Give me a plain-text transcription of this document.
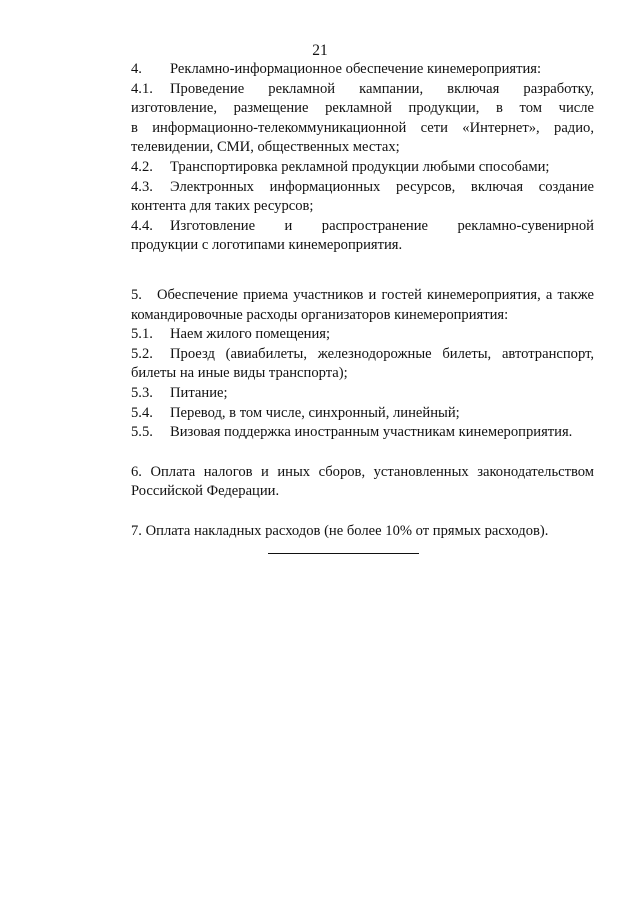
21
4.	Рекламно-информационное обеспечение кинемероприятия:
4.1.	Проведение рекламной кампании, включая разработку,

изготовление, размещение рекламной продукции, в том числе

в информационно-телекоммуникационной сети «Интернет», радио,

телевидении, СМИ, общественных местах;

4.2.	Транспортировка рекламной продукции любыми способами;
4.3.	Электронных информационных ресурсов, включая создание

контента для таких ресурсов;

4.4.	Изготовление и распространение рекламно-сувенирной

продукции с логотипами кинемероприятия.

5.	Обеспечение приема участников и гостей кинемероприятия, а также

командировочные расходы организаторов кинемероприятия:

5.1.	Наем жилого помещения;
5.2.	Проезд (авиабилеты, железнодорожные билеты, автотранспорт,

билеты на иные виды транспорта);

5.3.	Питание;
5.4.	Перевод, в том числе, синхронный, линейный;
5.5.	Визовая поддержка иностранным участникам кинемероприятия.

6. Оплата налогов и иных сборов, установленных законодательством

Российской Федерации.

7. Оплата накладных расходов (не более 10% от прямых расходов).
